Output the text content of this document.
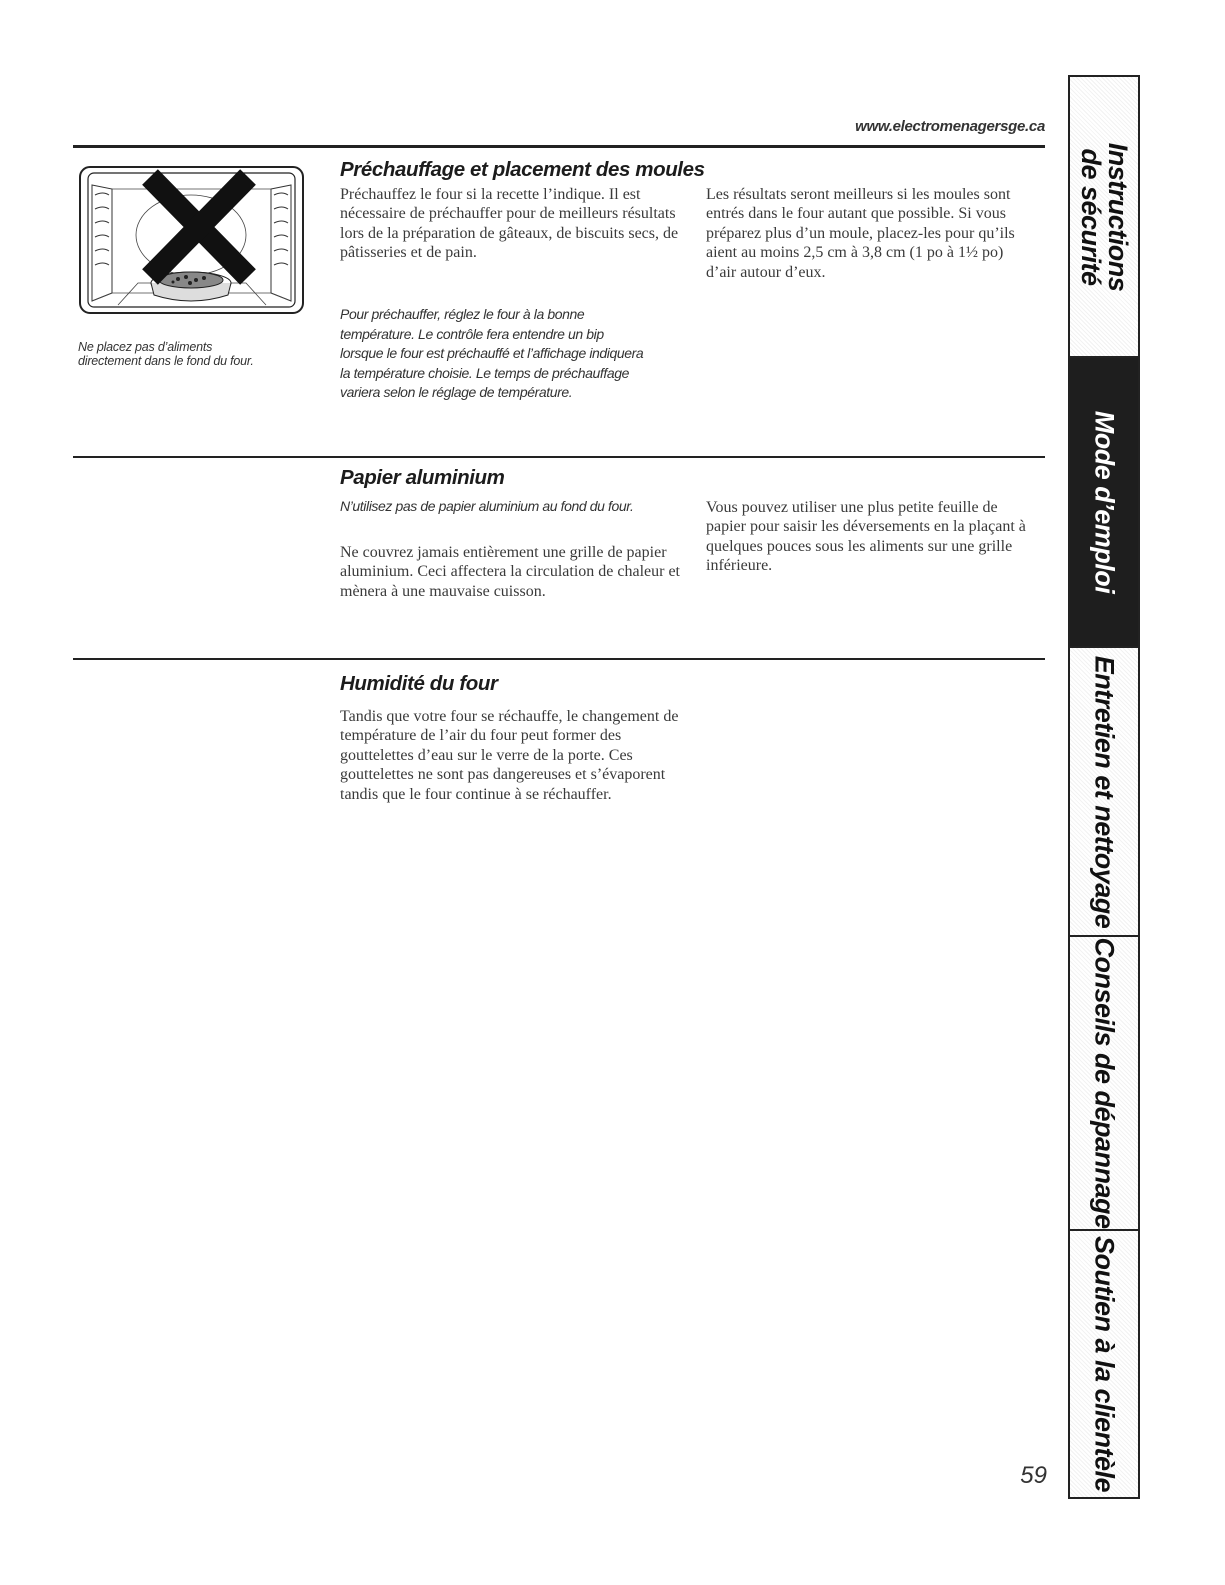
www.electromenagersge.ca
Ne placez pas d’aliments
directement dans le fond du four.
Préchauffage et placement des moules

Préchauffez le four si la recette l’indique. Il est nécessaire de préchauffer pour de meilleurs résultats lors de la préparation de gâteaux, de biscuits secs, de pâtisseries et de pain.

Pour préchauffer, réglez le four à la bonne température. Le contrôle fera entendre un bip lorsque le four est préchauffé et l’affichage indiquera la température choisie. Le temps de préchauffage variera selon le réglage de température.

Les résultats seront meilleurs si les moules sont entrés dans le four autant que possible. Si vous préparez plus d’un moule, placez-les pour qu’ils aient au moins 2,5 cm à 3,8 cm (1 po à 1½ po) d’air autour d’eux.

Papier aluminium
N’utilisez pas de papier aluminium au fond du four.

Ne couvrez jamais entièrement une grille de papier aluminium. Ceci affectera la circulation de chaleur et mènera à une mauvaise cuisson.

Vous pouvez utiliser une plus petite feuille de papier pour saisir les déversements en la plaçant à quelques pouces sous les aliments sur une grille inférieure.

Humidité du four

Tandis que votre four se réchauffe, le changement de température de l’air du four peut former des gouttelettes d’eau sur le verre de la porte. Ces gouttelettes ne sont pas dangereuses et s’évaporent tandis que le four continue à se réchauffer.

59
Instructions
de sécurité
Mode d’emploi
Entretien et nettoyage
Conseils de dépannage
Soutien à la clientèle
